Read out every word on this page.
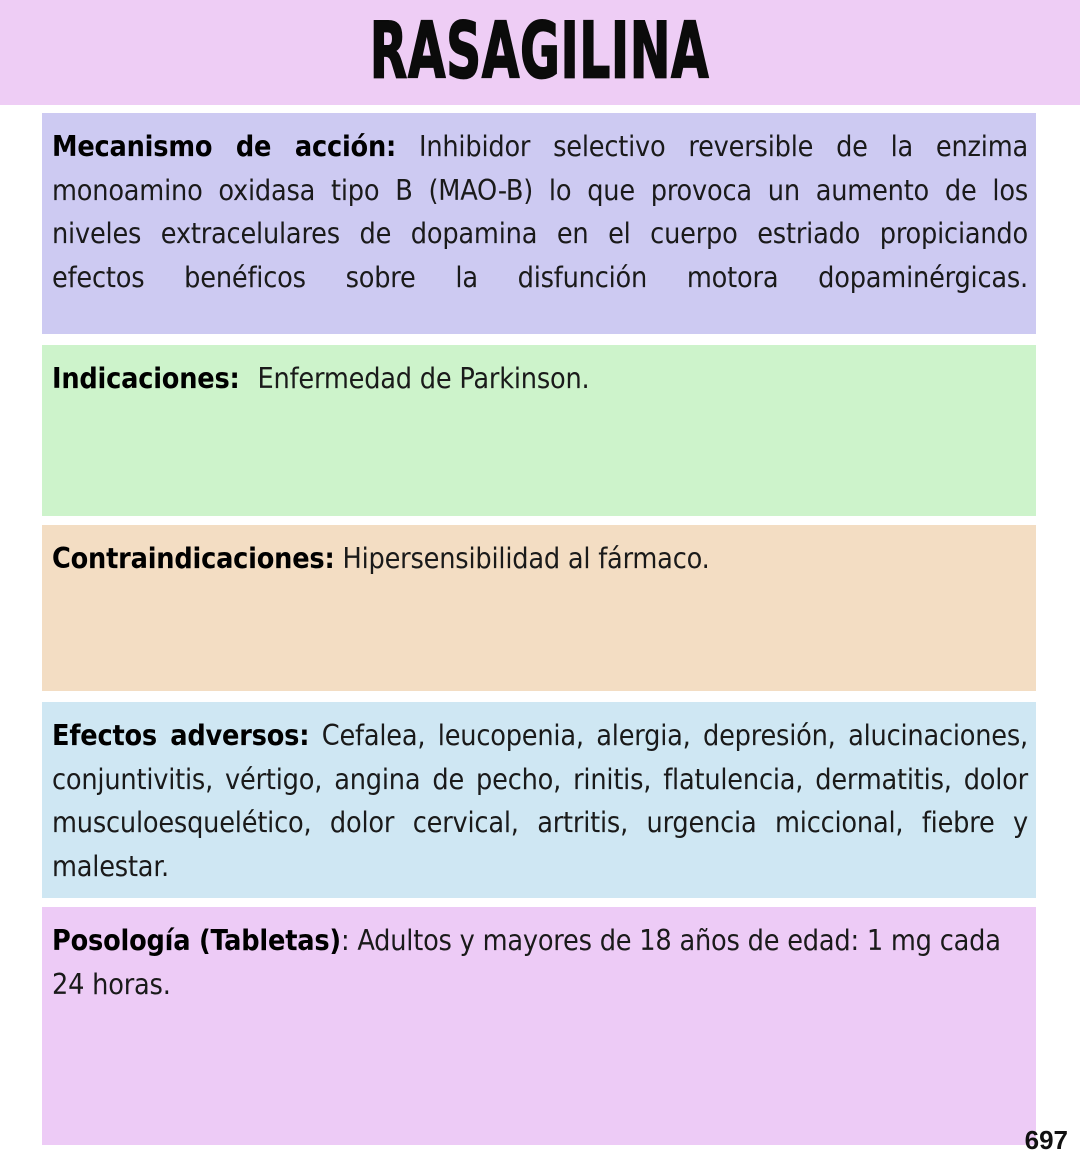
RASAGILINA

Mecanismo de acción: Inhibidor selectivo reversible de la enzima monoamino oxidasa tipo B (MAO-B) lo que provoca un aumento de los niveles extracelulares de dopamina en el cuerpo estriado propiciando efectos benéficos sobre la disfunción motora dopaminérgicas.

Indicaciones: Enfermedad de Parkinson.

Contraindicaciones: Hipersensibilidad al fármaco.

Efectos adversos: Cefalea, leucopenia, alergia, depresión, alucinaciones, conjuntivitis, vértigo, angina de pecho, rinitis, flatulencia, dermatitis, dolor musculoesquelético, dolor cervical, artritis, urgencia miccional, fiebre y malestar.

Posología (Tabletas): Adultos y mayores de 18 años de edad: 1 mg cada 24 horas.

697
